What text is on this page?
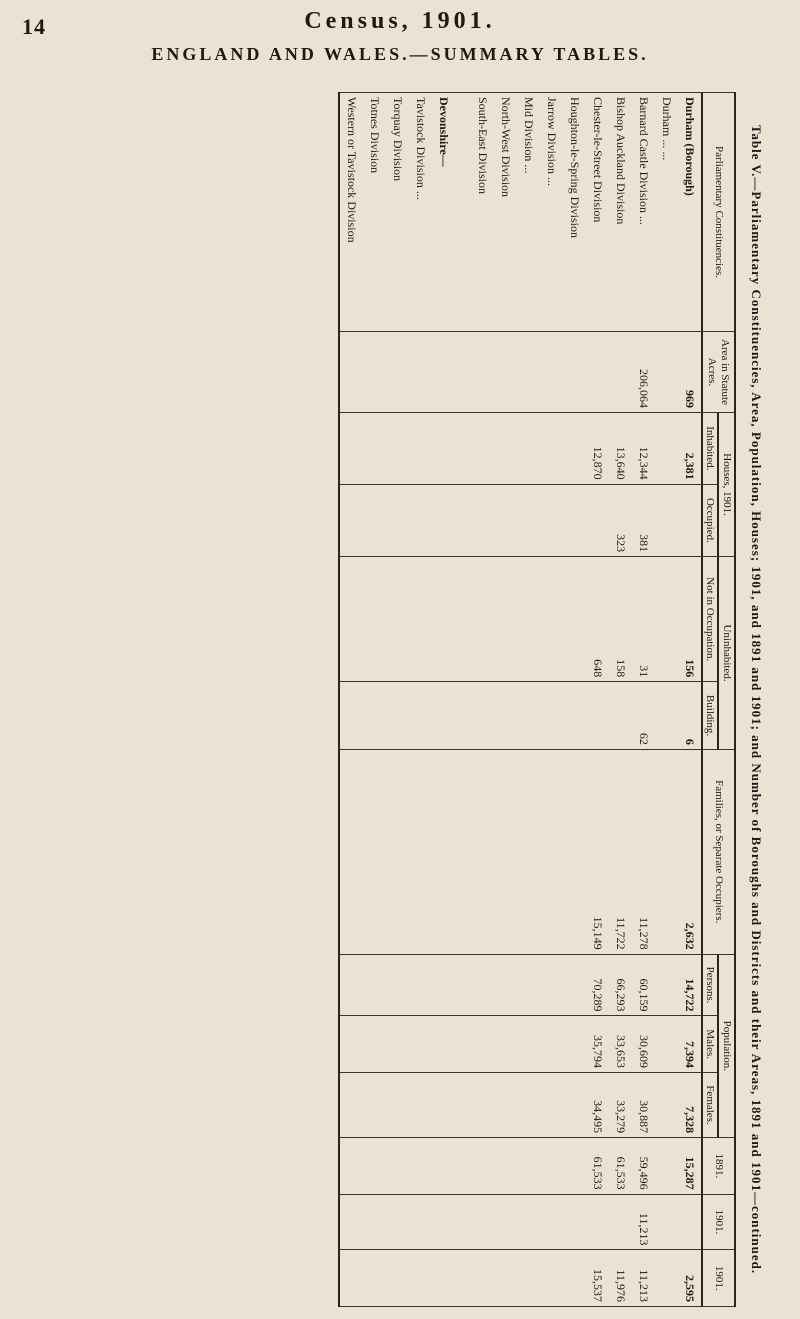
14	Census, 1901.
ENGLAND AND WALES.—SUMMARY TABLES.
Table V.—Parliamentary Constituencies, Area, Population, Houses; 1901, and 1891 and 1901; and Number of Boroughs and Districts and their Areas, 1891 and 1901—continued.
Parliamentary Constituencies.	Area in Statute Acres.	Houses, 1901.		Uninhabited.		Families, or Separate Occupiers.	Population.			1891.	1901.	1901.
		Inhabited.	Occupied.	Not in Occupation.	Building.		Persons.	Males.	Females.			
Durham (Borough)	969	2,381		156	6	2,632	14,722	7,394	7,328	15,287		2,595
Durham ... ...												
Barnard Castle Division ...	206,064	12,344	381	31	62	11,278	60,159	30,609	30,887	59,496	11,213	11,213
Bishop Auckland Division		13,640	323	158		11,722	66,293	33,653	33,279	61,533		11,976
Chester-le-Street Division		12,870		648		15,149	70,289	35,794	34,495	61,533		15,537
Houghton-le-Spring Division												
Jarrow Division ...												
Mid Division ...												
North-West Division												
South-East Division												

Devonshire—												
Tavistock Division ...												
Torquay Division												
Totnes Division												
Western or Tavistock Division												
